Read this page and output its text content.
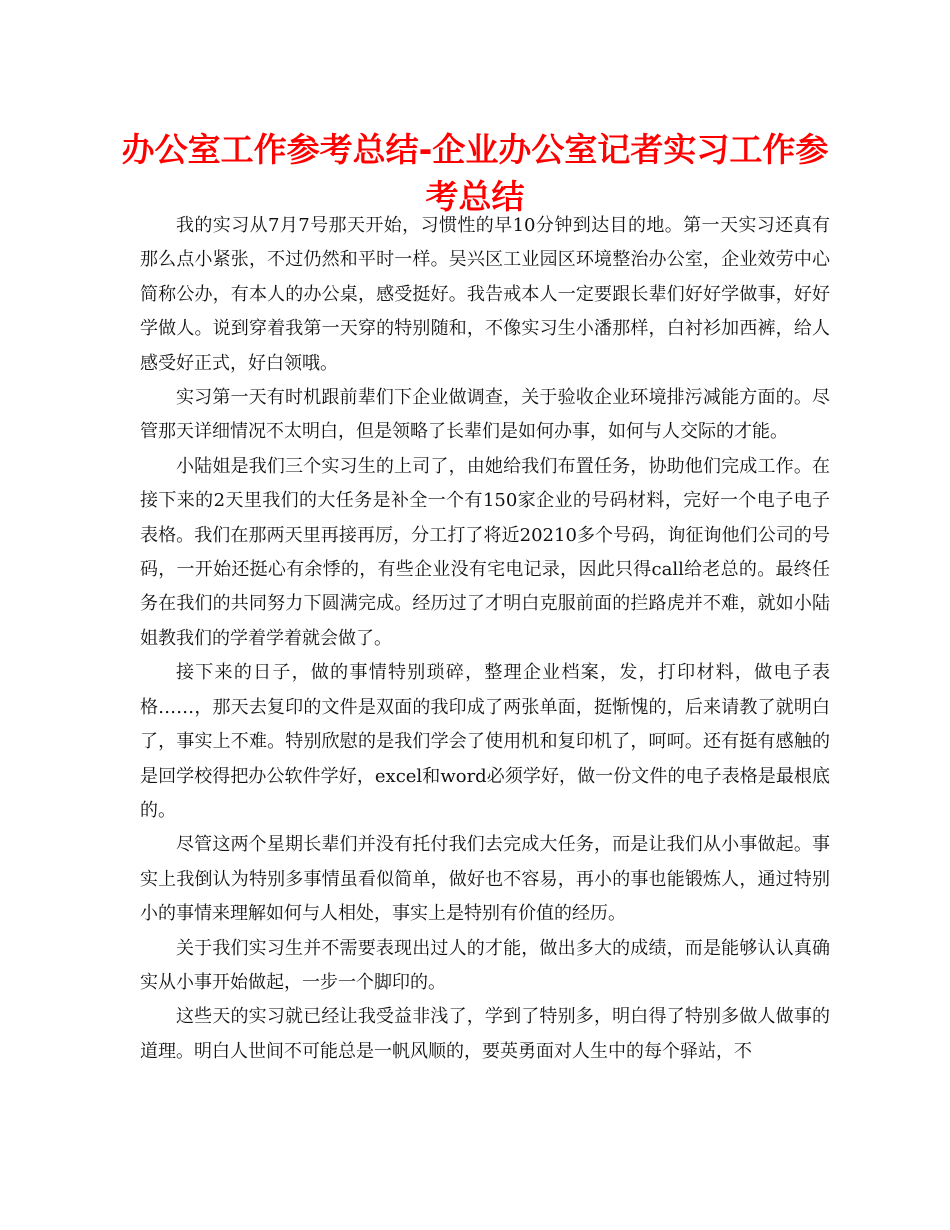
办公室工作参考总结-企业办公室记者实习工作参考总结

我的实习从7月7号那天开始，习惯性的早10分钟到达目的地。第一天实习还真有那么点小紧张，不过仍然和平时一样。吴兴区工业园区环境整治办公室，企业效劳中心简称公办，有本人的办公桌，感受挺好。我告戒本人一定要跟长辈们好好学做事，好好学做人。说到穿着我第一天穿的特别随和，不像实习生小潘那样，白衬衫加西裤，给人感受好正式，好白领哦。

实习第一天有时机跟前辈们下企业做调查，关于验收企业环境排污减能方面的。尽管那天详细情况不太明白，但是领略了长辈们是如何办事，如何与人交际的才能。

小陆姐是我们三个实习生的上司了，由她给我们布置任务，协助他们完成工作。在接下来的2天里我们的大任务是补全一个有150家企业的号码材料，完好一个电子电子表格。我们在那两天里再接再厉，分工打了将近20210多个号码，询征询他们公司的号码，一开始还挺心有余悸的，有些企业没有宅电记录，因此只得call给老总的。最终任务在我们的共同努力下圆满完成。经历过了才明白克服前面的拦路虎并不难，就如小陆姐教我们的学着学着就会做了。

接下来的日子，做的事情特别琐碎，整理企业档案，发，打印材料，做电子表格……，那天去复印的文件是双面的我印成了两张单面，挺惭愧的，后来请教了就明白了，事实上不难。特别欣慰的是我们学会了使用机和复印机了，呵呵。还有挺有感触的是回学校得把办公软件学好，excel和word必须学好，做一份文件的电子表格是最根底的。

尽管这两个星期长辈们并没有托付我们去完成大任务，而是让我们从小事做起。事实上我倒认为特别多事情虽看似简单，做好也不容易，再小的事也能锻炼人，通过特别小的事情来理解如何与人相处，事实上是特别有价值的经历。

关于我们实习生并不需要表现出过人的才能，做出多大的成绩，而是能够认认真确实从小事开始做起，一步一个脚印的。

这些天的实习就已经让我受益非浅了，学到了特别多，明白得了特别多做人做事的道理。明白人世间不可能总是一帆风顺的，要英勇面对人生中的每个驿站，不
